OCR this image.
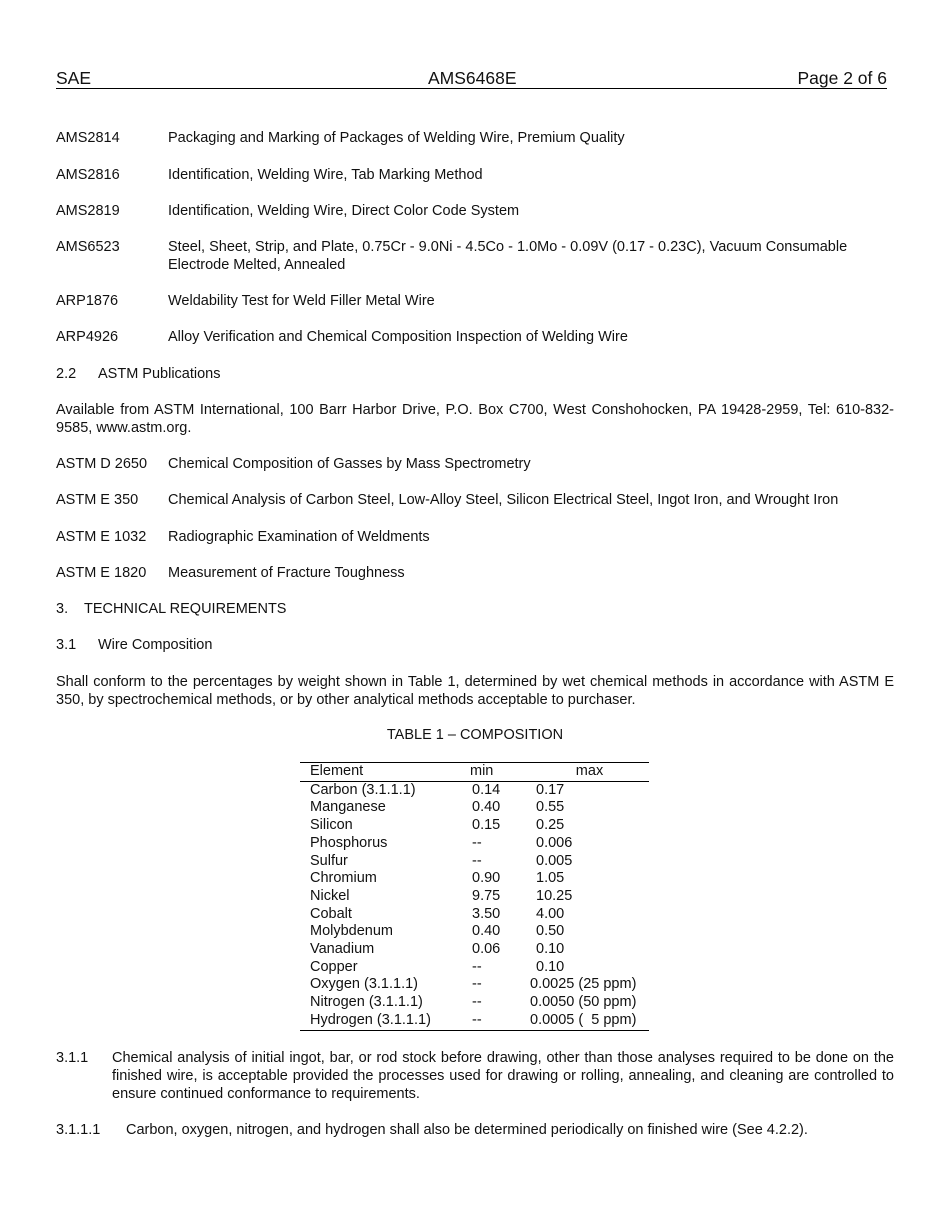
SAE	AMS6468E	Page 2 of 6
AMS2814	Packaging and Marking of Packages of Welding Wire, Premium Quality
AMS2816	Identification, Welding Wire, Tab Marking Method
AMS2819	Identification, Welding Wire, Direct Color Code System
AMS6523	Steel, Sheet, Strip, and Plate, 0.75Cr - 9.0Ni - 4.5Co - 1.0Mo - 0.09V (0.17 - 0.23C), Vacuum Consumable Electrode Melted, Annealed
ARP1876	Weldability Test for Weld Filler Metal Wire
ARP4926	Alloy Verification and Chemical Composition Inspection of Welding Wire
2.2 ASTM Publications
Available from ASTM International, 100 Barr Harbor Drive, P.O. Box C700, West Conshohocken, PA 19428-2959, Tel: 610-832-9585, www.astm.org.
ASTM D 2650 Chemical Composition of Gasses by Mass Spectrometry
ASTM E 350 Chemical Analysis of Carbon Steel, Low-Alloy Steel, Silicon Electrical Steel, Ingot Iron, and Wrought Iron
ASTM E 1032 Radiographic Examination of Weldments
ASTM E 1820 Measurement of Fracture Toughness
3. TECHNICAL REQUIREMENTS
3.1 Wire Composition
Shall conform to the percentages by weight shown in Table 1, determined by wet chemical methods in accordance with ASTM E 350, by spectrochemical methods, or by other analytical methods acceptable to purchaser.
TABLE 1 – COMPOSITION
Element	min	max
Carbon (3.1.1.1)	0.14	0.17
Manganese	0.40	0.55
Silicon	0.15	0.25
Phosphorus	--	0.006
Sulfur	--	0.005
Chromium	0.90	1.05
Nickel	9.75	10.25
Cobalt	3.50	4.00
Molybdenum	0.40	0.50
Vanadium	0.06	0.10
Copper	--	0.10
Oxygen (3.1.1.1)	--	0.0025 (25 ppm)
Nitrogen (3.1.1.1)	--	0.0050 (50 ppm)
Hydrogen (3.1.1.1)	--	0.0005 (  5 ppm)
3.1.1 Chemical analysis of initial ingot, bar, or rod stock before drawing, other than those analyses required to be done on the finished wire, is acceptable provided the processes used for drawing or rolling, annealing, and cleaning are controlled to ensure continued conformance to requirements.
3.1.1.1 Carbon, oxygen, nitrogen, and hydrogen shall also be determined periodically on finished wire (See 4.2.2).
